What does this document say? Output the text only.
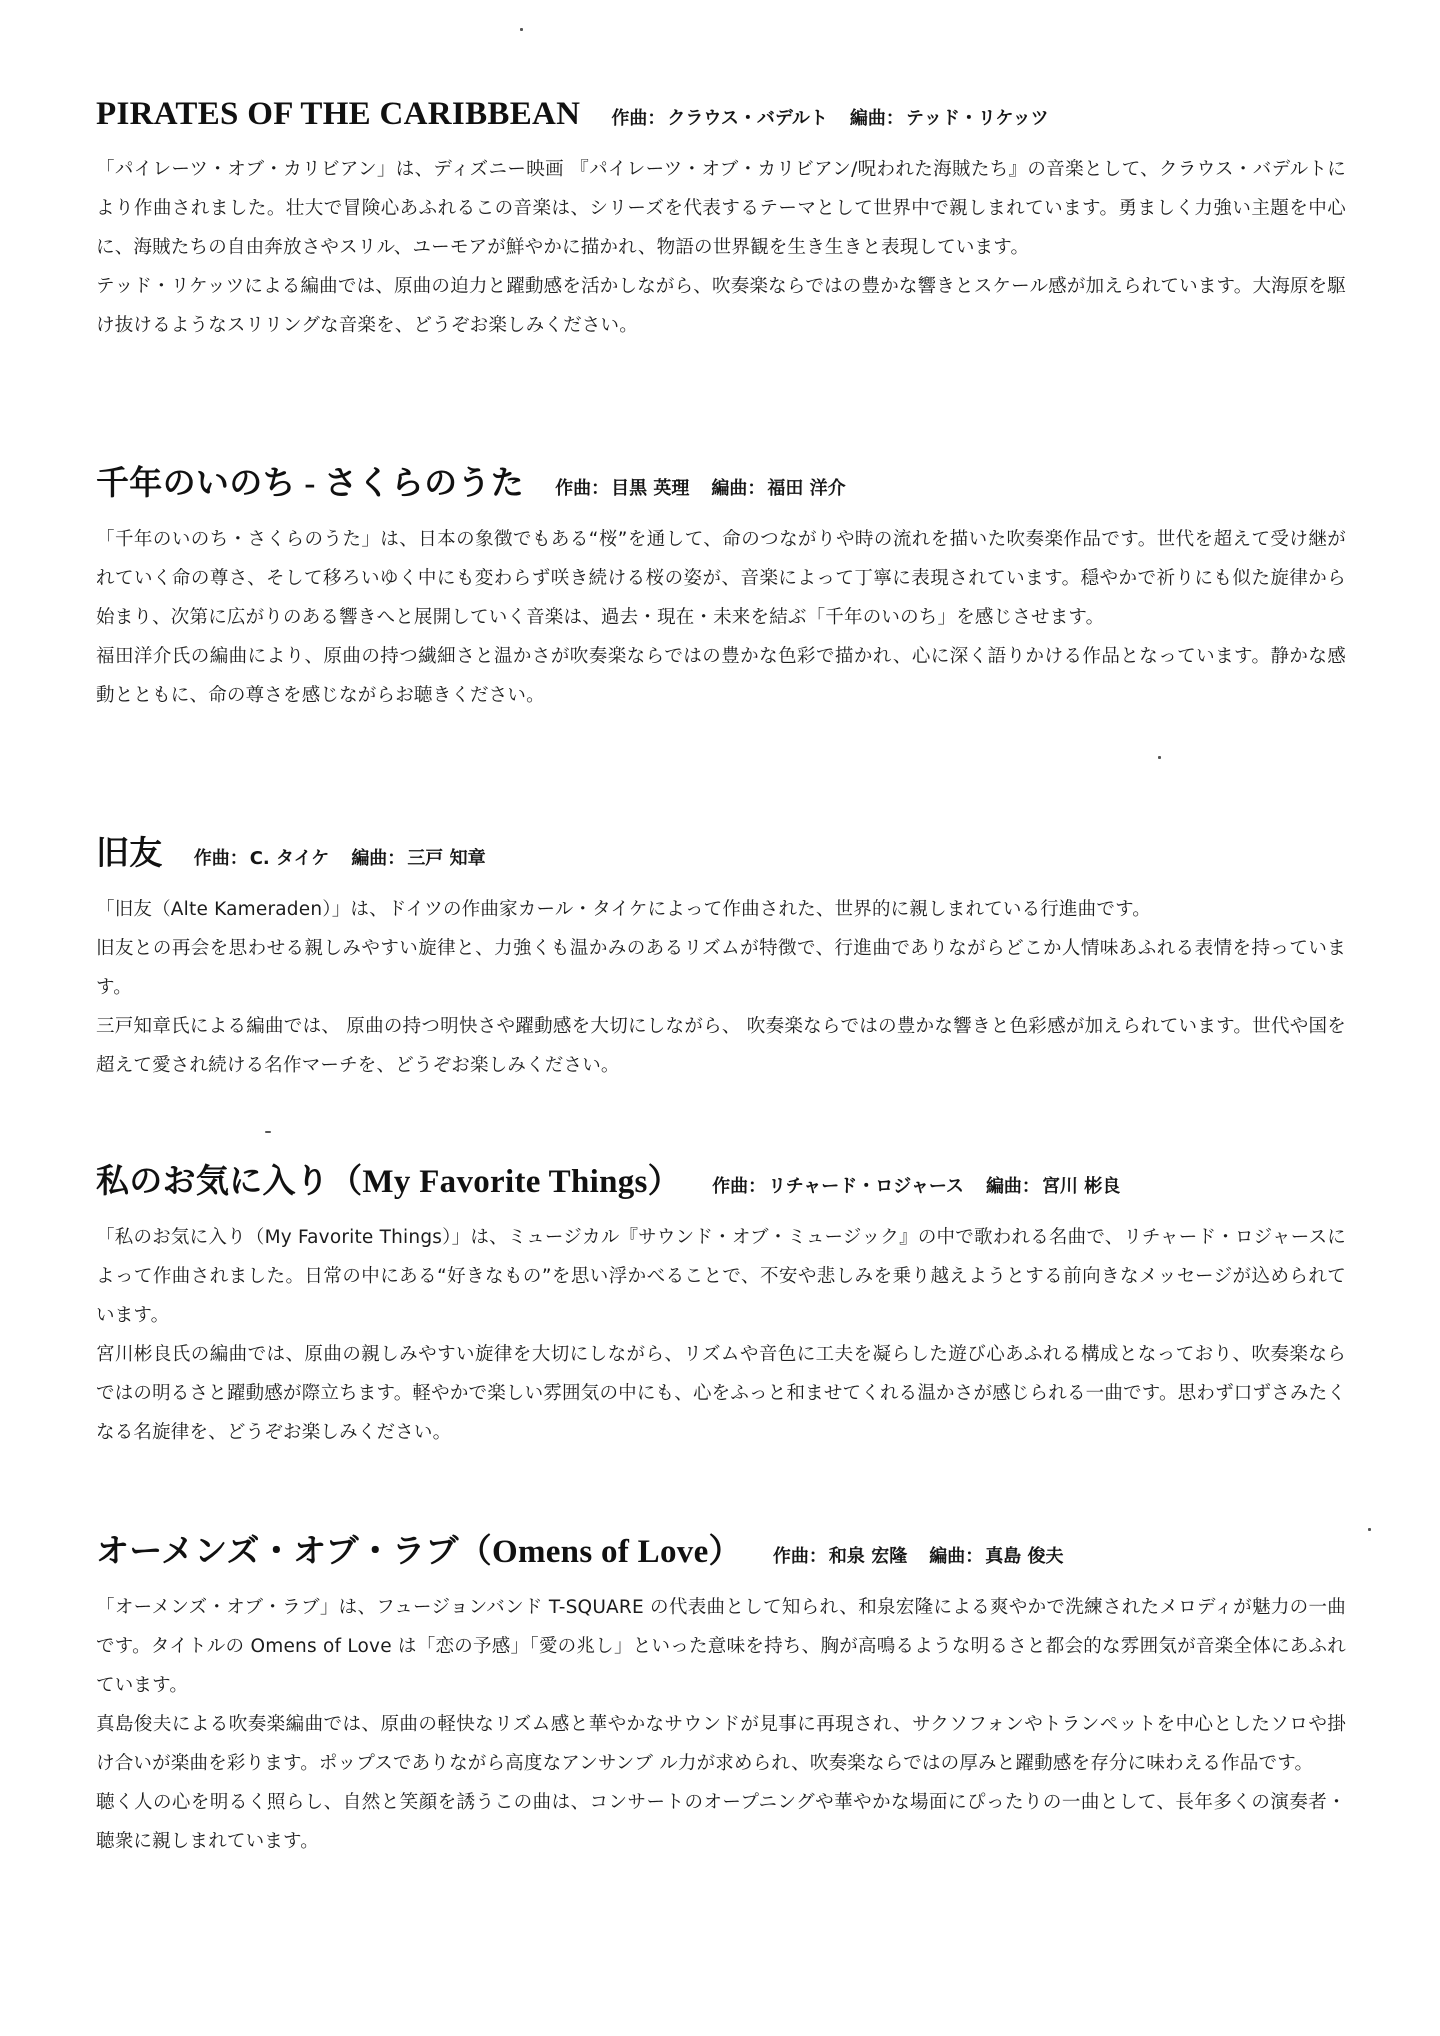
PIRATES OF THE CARIBBEAN 作曲： クラウス・バデルト 編曲： テッド・リケッツ

「パイレーツ・オブ・カリビアン」は、ディズニー映画 『パイレーツ・オブ・カリビアン/呪われた海賊たち』の音楽として、クラウス・バデルトにより作曲されました。壮大で冒険心あふれるこの音楽は、シリーズを代表するテーマとして世界中で親しまれています。勇ましく力強い主題を中心に、海賊たちの自由奔放さやスリル、ユーモアが鮮やかに描かれ、物語の世界観を生き生きと表現しています。

テッド・リケッツによる編曲では、原曲の迫力と躍動感を活かしながら、吹奏楽ならではの豊かな響きとスケール感が加えられています。大海原を駆け抜けるようなスリリングな音楽を、どうぞお楽しみください。

千年のいのち - さくらのうた 作曲： 目黒 英理 編曲： 福田 洋介

「千年のいのち・さくらのうた」は、日本の象徴でもある“桜”を通して、命のつながりや時の流れを描いた吹奏楽作品です。世代を超えて受け継がれていく命の尊さ、そして移ろいゆく中にも変わらず咲き続ける桜の姿が、音楽によって丁寧に表現されています。穏やかで祈りにも似た旋律から始まり、次第に広がりのある響きへと展開していく音楽は、過去・現在・未来を結ぶ「千年のいのち」を感じさせます。

福田洋介氏の編曲により、原曲の持つ繊細さと温かさが吹奏楽ならではの豊かな色彩で描かれ、心に深く語りかける作品となっています。静かな感動とともに、命の尊さを感じながらお聴きください。

旧友 作曲： C. タイケ 編曲： 三戸 知章

「旧友（Alte Kameraden）」は、ドイツの作曲家カール・タイケによって作曲された、世界的に親しまれている行進曲です。

旧友との再会を思わせる親しみやすい旋律と、力強くも温かみのあるリズムが特徴で、行進曲でありながらどこか人情味あふれる表情を持っています。

三戸知章氏による編曲では、 原曲の持つ明快さや躍動感を大切にしながら、 吹奏楽ならではの豊かな響きと色彩感が加えられています。世代や国を超えて愛され続ける名作マーチを、どうぞお楽しみください。

私のお気に入り（My Favorite Things） 作曲： リチャード・ロジャース 編曲： 宮川 彬良

「私のお気に入り（My Favorite Things）」は、ミュージカル『サウンド・オブ・ミュージック』の中で歌われる名曲で、リチャード・ロジャースによって作曲されました。日常の中にある“好きなもの”を思い浮かべることで、不安や悲しみを乗り越えようとする前向きなメッセージが込められています。

宮川彬良氏の編曲では、原曲の親しみやすい旋律を大切にしながら、リズムや音色に工夫を凝らした遊び心あふれる構成となっており、吹奏楽ならではの明るさと躍動感が際立ちます。軽やかで楽しい雰囲気の中にも、心をふっと和ませてくれる温かさが感じられる一曲です。思わず口ずさみたくなる名旋律を、どうぞお楽しみください。

オーメンズ・オブ・ラブ（Omens of Love） 作曲： 和泉 宏隆 編曲： 真島 俊夫

「オーメンズ・オブ・ラブ」は、フュージョンバンド T-SQUARE の代表曲として知られ、和泉宏隆による爽やかで洗練されたメロディが魅力の一曲です。タイトルの Omens of Love は「恋の予感」「愛の兆し」といった意味を持ち、胸が高鳴るような明るさと都会的な雰囲気が音楽全体にあふれています。

真島俊夫による吹奏楽編曲では、原曲の軽快なリズム感と華やかなサウンドが見事に再現され、サクソフォンやトランペットを中心としたソロや掛け合いが楽曲を彩ります。ポップスでありながら高度なアンサンブ ル力が求められ、吹奏楽ならではの厚みと躍動感を存分に味わえる作品です。

聴く人の心を明るく照らし、自然と笑顔を誘うこの曲は、コンサートのオープニングや華やかな場面にぴったりの一曲として、長年多くの演奏者・聴衆に親しまれています。
